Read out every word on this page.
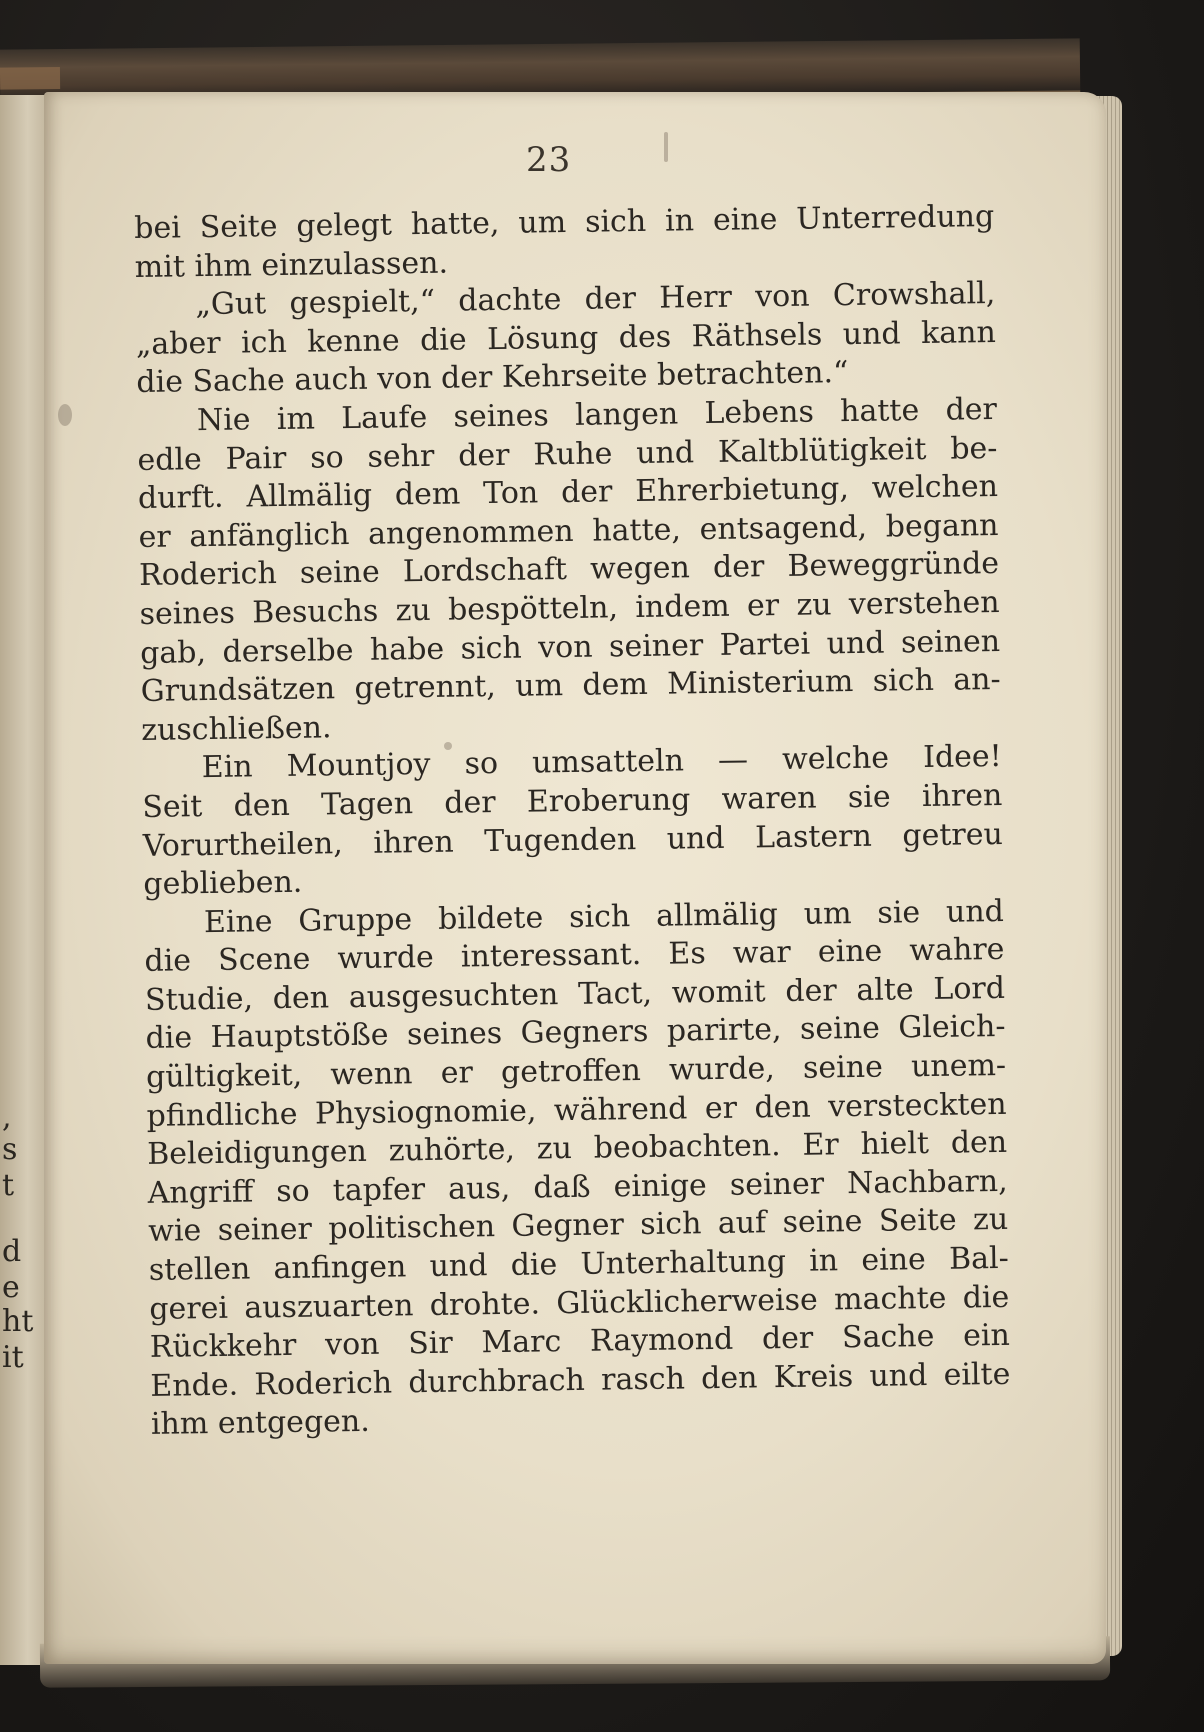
,
s
t
d
e
ht
it
23
bei Seite gelegt hatte, um sich in eine Unterredung
mit ihm einzulassen.
„Gut gespielt,“ dachte der Herr von Crowshall,
„aber ich kenne die Lösung des Räthsels und kann
die Sache auch von der Kehrseite betrachten.“
Nie im Laufe seines langen Lebens hatte der
edle Pair so sehr der Ruhe und Kaltblütigkeit be-
durft. Allmälig dem Ton der Ehrerbietung, welchen
er anfänglich angenommen hatte, entsagend, begann
Roderich seine Lordschaft wegen der Beweggründe
seines Besuchs zu bespötteln, indem er zu verstehen
gab, derselbe habe sich von seiner Partei und seinen
Grundsätzen getrennt, um dem Ministerium sich an-
zuschließen.
Ein Mountjoy so umsatteln — welche Idee!
Seit den Tagen der Eroberung waren sie ihren
Vorurtheilen, ihren Tugenden und Lastern getreu
geblieben.
Eine Gruppe bildete sich allmälig um sie und
die Scene wurde interessant. Es war eine wahre
Studie, den ausgesuchten Tact, womit der alte Lord
die Hauptstöße seines Gegners parirte, seine Gleich-
gültigkeit, wenn er getroffen wurde, seine unem-
pfindliche Physiognomie, während er den versteckten
Beleidigungen zuhörte, zu beobachten. Er hielt den
Angriff so tapfer aus, daß einige seiner Nachbarn,
wie seiner politischen Gegner sich auf seine Seite zu
stellen anfingen und die Unterhaltung in eine Bal-
gerei auszuarten drohte. Glücklicherweise machte die
Rückkehr von Sir Marc Raymond der Sache ein
Ende. Roderich durchbrach rasch den Kreis und eilte
ihm entgegen.
